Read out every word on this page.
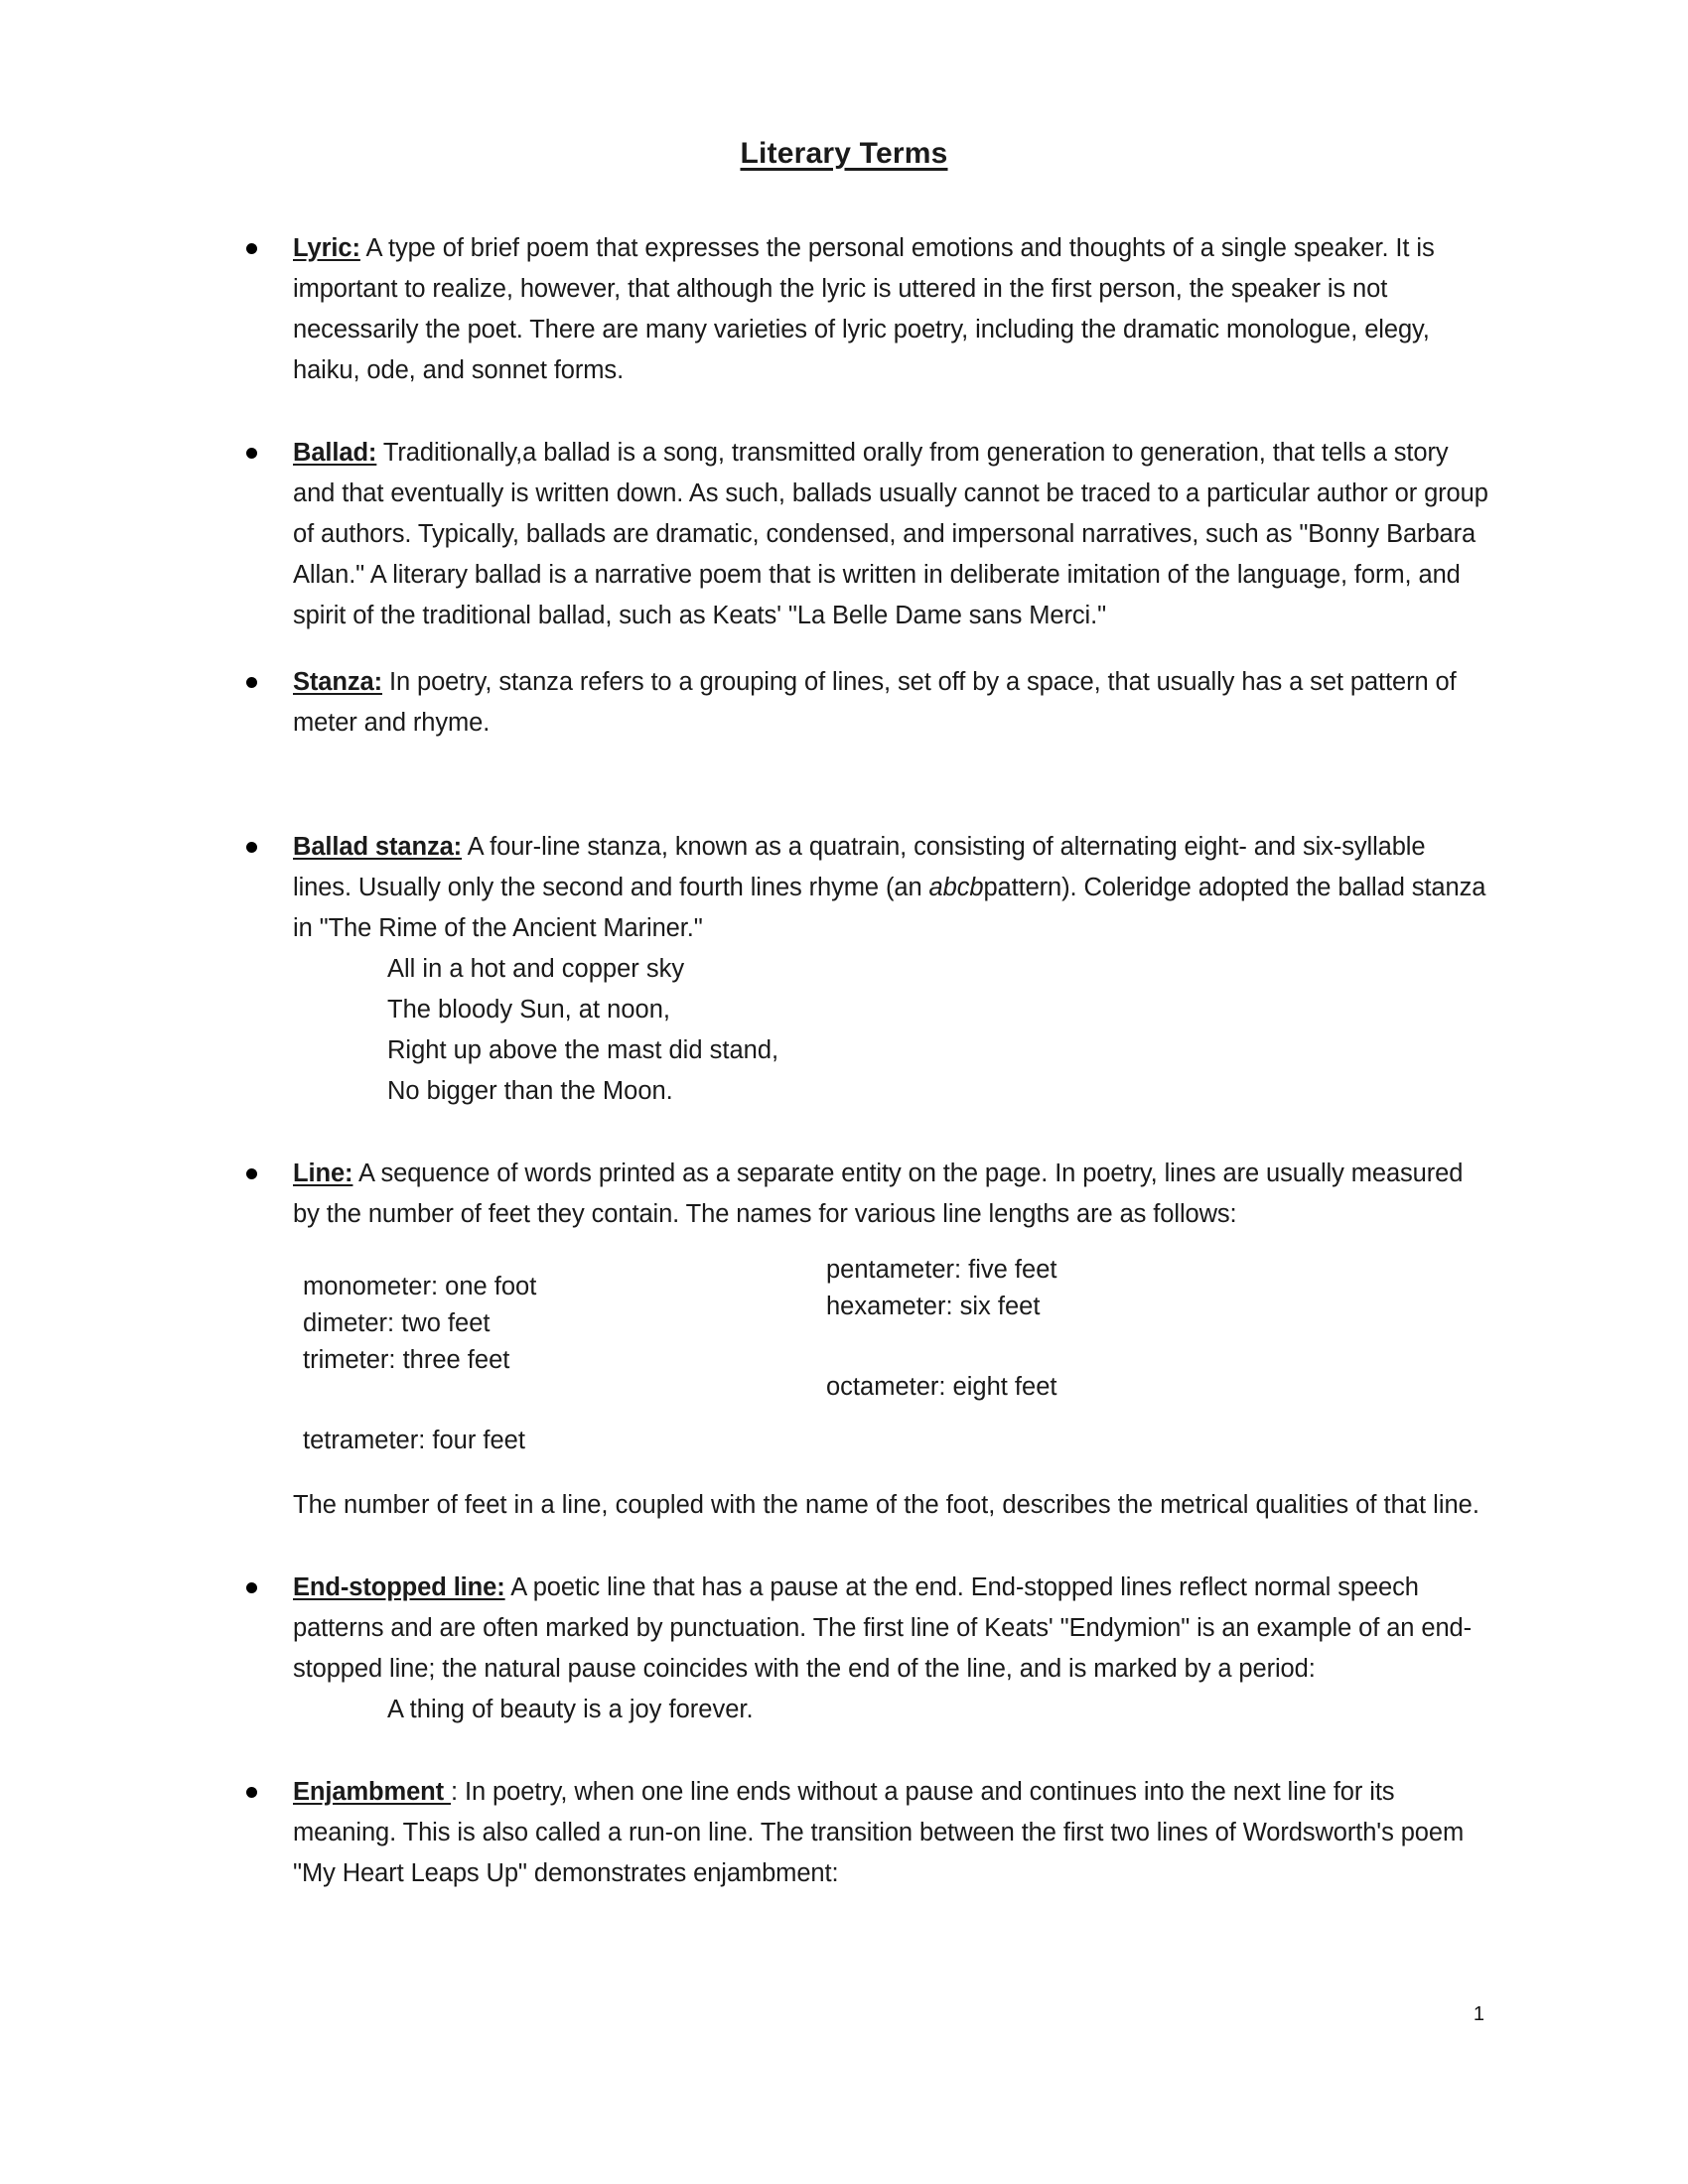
Literary Terms
Lyric: A type of brief poem that expresses the personal emotions and thoughts of a single speaker. It is important to realize, however, that although the lyric is uttered in the first person, the speaker is not necessarily the poet. There are many varieties of lyric poetry, including the dramatic monologue, elegy, haiku, ode, and sonnet forms.
Ballad: Traditionally,a ballad is a song, transmitted orally from generation to generation, that tells a story and that eventually is written down. As such, ballads usually cannot be traced to a particular author or group of authors. Typically, ballads are dramatic, condensed, and impersonal narratives, such as "Bonny Barbara Allan." A literary ballad is a narrative poem that is written in deliberate imitation of the language, form, and spirit of the traditional ballad, such as Keats' "La Belle Dame sans Merci."
Stanza: In poetry, stanza refers to a grouping of lines, set off by a space, that usually has a set pattern of meter and rhyme.
Ballad stanza: A four-line stanza, known as a quatrain, consisting of alternating eight- and six-syllable lines. Usually only the second and fourth lines rhyme (an abcbpattern). Coleridge adopted the ballad stanza in "The Rime of the Ancient Mariner."
All in a hot and copper sky
The bloody Sun, at noon,
Right up above the mast did stand,
No bigger than the Moon.
Line: A sequence of words printed as a separate entity on the page. In poetry, lines are usually measured by the number of feet they contain. The names for various line lengths are as follows:
monometer: one foot
dimeter: two feet
trimeter: three feet
tetrameter: four feet
pentameter: five feet
hexameter: six feet
octameter: eight feet
The number of feet in a line, coupled with the name of the foot, describes the metrical qualities of that line.
End-stopped line: A poetic line that has a pause at the end. End-stopped lines reflect normal speech patterns and are often marked by punctuation. The first line of Keats' "Endymion" is an example of an end-stopped line; the natural pause coincides with the end of the line, and is marked by a period:
A thing of beauty is a joy forever.
Enjambment : In poetry, when one line ends without a pause and continues into the next line for its meaning. This is also called a run-on line. The transition between the first two lines of Wordsworth's poem "My Heart Leaps Up" demonstrates enjambment:
1
